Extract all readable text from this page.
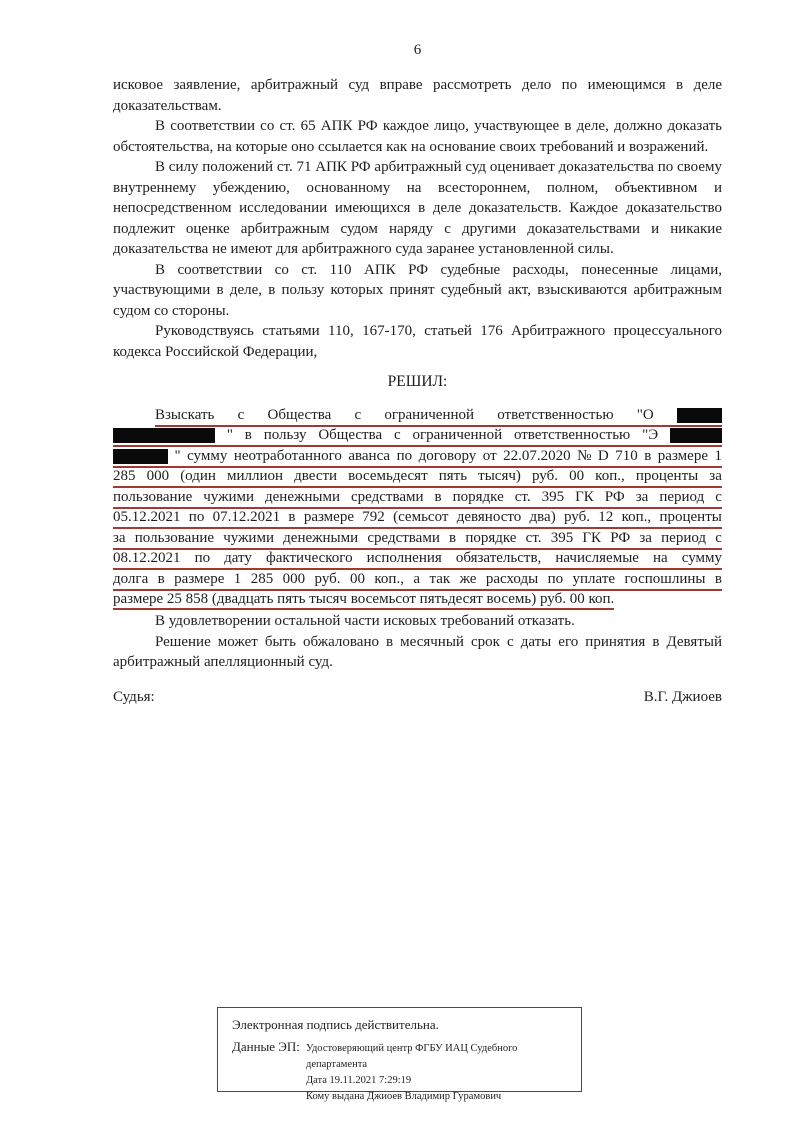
6
исковое заявление, арбитражный суд вправе рассмотреть дело по имеющимся в деле доказательствам.
В соответствии со ст. 65 АПК РФ каждое лицо, участвующее в деле, должно доказать обстоятельства, на которые оно ссылается как на основание своих требований и возражений.
В силу положений ст. 71 АПК РФ арбитражный суд оценивает доказательства по своему внутреннему убеждению, основанному на всестороннем, полном, объективном и непосредственном исследовании имеющихся в деле доказательств. Каждое доказательство подлежит оценке арбитражным судом наряду с другими доказательствами и никакие доказательства не имеют для арбитражного суда заранее установленной силы.
В соответствии со ст. 110 АПК РФ судебные расходы, понесенные лицами, участвующими в деле, в пользу которых принят судебный акт, взыскиваются арбитражным судом со стороны.
Руководствуясь статьями 110, 167-170, статьей 176 Арбитражного процессуального кодекса Российской Федерации,
РЕШИЛ:
Взыскать с Общества с ограниченной ответственностью "О
" в пользу Общества с ограниченной ответственностью "Э
" сумму неотработанного аванса по договору от 22.07.2020 № D 710 в размере 1
285 000 (один миллион двести восемьдесят пять тысяч) руб. 00 коп., проценты за
пользование чужими денежными средствами в порядке ст. 395 ГК РФ за период с
05.12.2021 по 07.12.2021 в размере 792 (семьсот девяносто два) руб. 12 коп., проценты
за пользование чужими денежными средствами в порядке ст. 395 ГК РФ за период с
08.12.2021 по дату фактического исполнения обязательств, начисляемые на сумму
долга в размере 1 285 000 руб. 00 коп., а так же расходы по уплате госпошлины в
размере 25 858 (двадцать пять тысяч восемьсот пятьдесят восемь) руб. 00 коп.
В удовлетворении остальной части исковых требований отказать.
Решение может быть обжаловано в месячный срок с даты его принятия в Девятый арбитражный апелляционный суд.
Судья:	В.Г. Джиоев
Электронная подпись действительна.
Данные ЭП: Удостоверяющий центр ФГБУ ИАЦ Судебного департамента
Дата 19.11.2021 7:29:19
Кому выдана Джиоев Владимир Гурамович
